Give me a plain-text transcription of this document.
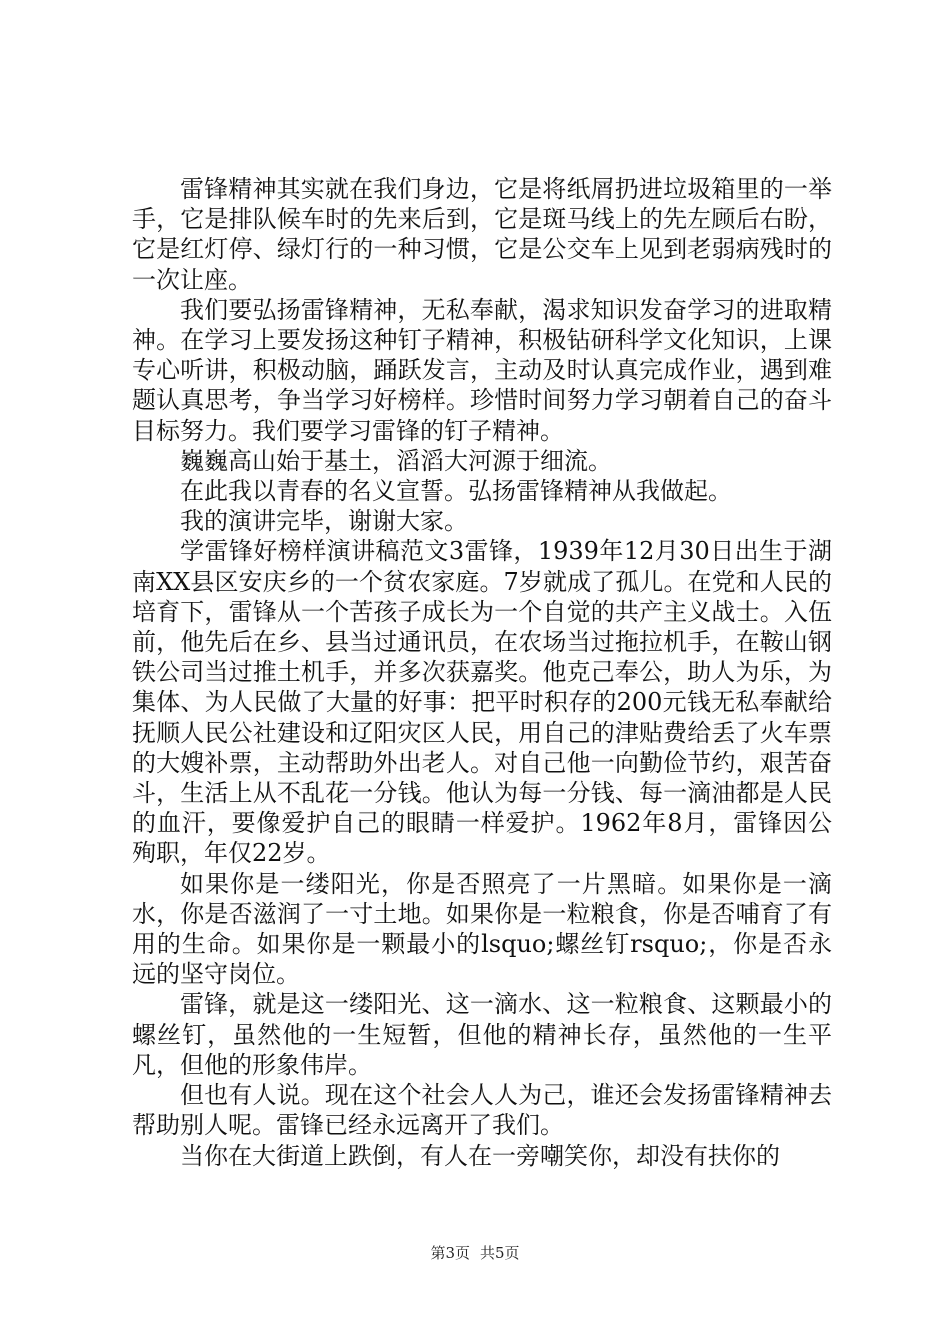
雷锋精神其实就在我们身边，它是将纸屑扔进垃圾箱里的一举手，它是排队候车时的先来后到，它是斑马线上的先左顾后右盼，它是红灯停、绿灯行的一种习惯，它是公交车上见到老弱病残时的一次让座。

我们要弘扬雷锋精神，无私奉献，渴求知识发奋学习的进取精神。在学习上要发扬这种钉子精神，积极钻研科学文化知识，上课专心听讲，积极动脑，踊跃发言，主动及时认真完成作业，遇到难题认真思考，争当学习好榜样。珍惜时间努力学习朝着自己的奋斗目标努力。我们要学习雷锋的钉子精神。

巍巍高山始于基土，滔滔大河源于细流。

在此我以青春的名义宣誓。弘扬雷锋精神从我做起。

我的演讲完毕，谢谢大家。

学雷锋好榜样演讲稿范文3雷锋，1939年12月30日出生于湖南XX县区安庆乡的一个贫农家庭。7岁就成了孤儿。在党和人民的培育下，雷锋从一个苦孩子成长为一个自觉的共产主义战士。入伍前，他先后在乡、县当过通讯员，在农场当过拖拉机手，在鞍山钢铁公司当过推土机手，并多次获嘉奖。他克己奉公，助人为乐，为集体、为人民做了大量的好事：把平时积存的200元钱无私奉献给抚顺人民公社建设和辽阳灾区人民，用自己的津贴费给丢了火车票的大嫂补票，主动帮助外出老人。对自己他一向勤俭节约，艰苦奋斗，生活上从不乱花一分钱。他认为每一分钱、每一滴油都是人民的血汗，要像爱护自己的眼睛一样爱护。1962年8月，雷锋因公殉职，年仅22岁。

如果你是一缕阳光，你是否照亮了一片黑暗。如果你是一滴水，你是否滋润了一寸土地。如果你是一粒粮食，你是否哺育了有用的生命。如果你是一颗最小的lsquo;螺丝钉rsquo;，你是否永远的坚守岗位。

雷锋，就是这一缕阳光、这一滴水、这一粒粮食、这颗最小的螺丝钉，虽然他的一生短暂，但他的精神长存，虽然他的一生平凡，但他的形象伟岸。

但也有人说。现在这个社会人人为己，谁还会发扬雷锋精神去帮助别人呢。雷锋已经永远离开了我们。

当你在大街道上跌倒，有人在一旁嘲笑你，却没有扶你的

第3页 共5页
